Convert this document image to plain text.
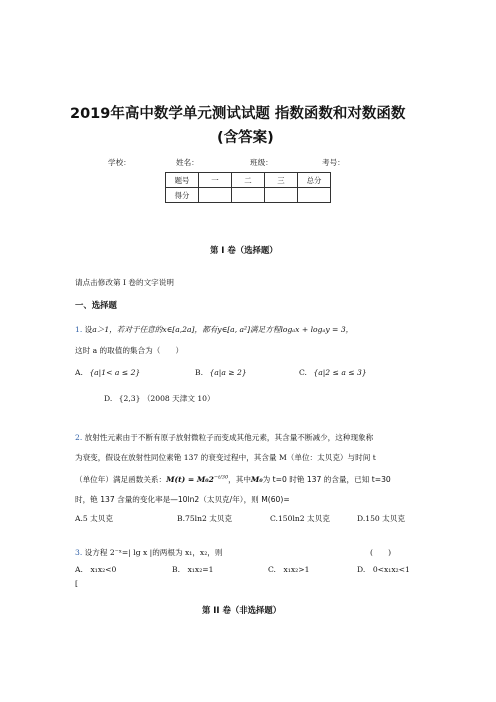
2019年高中数学单元测试试题 指数函数和对数函数
(含答案)
学校：	姓名：	班级：	考号：
题号	一	二	三	总分
得分				
第 I 卷（选择题）
请点击修改第 I 卷的文字说明
一、选择题
1. 设a＞1，若对于任意的x∈[a,2a]，都有y∈[a, a²]满足方程logₐx + logₐy = 3，
这时 a 的取值的集合为（　　）
A. {a|1< a ≤ 2}	B. {a|a ≥ 2}	C. {a|2 ≤ a ≤ 3}
D. {2,3} （2008 天津文 10）
2. 放射性元素由于不断有原子放射微粒子而变成其他元素，其含量不断减少，这种现象称
为衰变，假设在放射性同位素铯 137 的衰变过程中，其含量 M（单位：太贝克）与时间 t
（单位年）满足函数关系：$M(t) = M_02^{-t/30}$，其中M₀为 t=0 时铯 137 的含量，已知 t=30
时，铯 137 含量的变化率是—10ln2（太贝克/年），则 M(60)=
A.5 太贝克	B.75ln2 太贝克	C.150ln2 太贝克	D.150 太贝克
3. 设方程 2⁻ˣ=| lg x |的两根为 x₁，x₂，则	(　　)
A.　x₁x₂<0	B.　x₁x₂=1	C.　x₁x₂>1	D.　0<x₁x₂<1
[
第 II 卷（非选择题）
